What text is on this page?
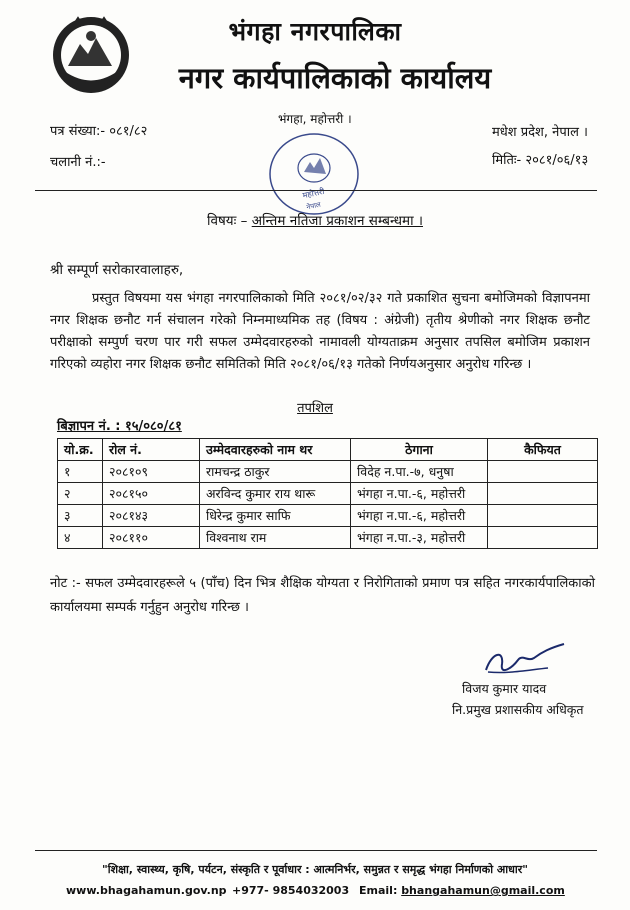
भंगहा नगरपालिका
नगर कार्यपालिकाको कार्यालय
भंगहा, महोत्तरी ।
पत्र संख्या:- ०८१/८२	मधेश प्रदेश, नेपाल ।
चलानी नं.:-	मितिः- २०८१/०६/१३
महोत्तरी
नेपाल
विषयः – अन्तिम नतिजा प्रकाशन सम्बन्धमा ।
श्री सम्पूर्ण सरोकारवालाहरु,
प्रस्तुत विषयमा यस भंगहा नगरपालिकाको मिति २०८१/०२/३२ गते प्रकाशित सुचना बमोजिमको विज्ञापनमा नगर शिक्षक छनौट गर्न संचालन गरेको निम्नमाध्यमिक तह (विषय : अंग्रेजी) तृतीय श्रेणीको नगर शिक्षक छनौट परीक्षाको सम्पुर्ण चरण पार गरी सफल उम्मेदवारहरुको नामावली योग्यताक्रम अनुसार तपसिल बमोजिम प्रकाशन गरिएको व्यहोरा नगर शिक्षक छनौट समितिको मिति २०८१/०६/१३ गतेको निर्णयअनुसार अनुरोध गरिन्छ ।
तपशिल
बिज्ञापन नं. : १५/०८०/८१
यो.क्र.	रोल नं.	उम्मेदवारहरुको नाम थर	ठेगाना	कैफियत
१	२०८१०९	रामचन्द्र ठाकुर	विदेह न.पा.-७, धनुषा	
२	२०८१५०	अरविन्द कुमार राय थारू	भंगहा न.पा.-६, महोत्तरी	
३	२०८१४३	धिरेन्द्र कुमार साफि	भंगहा न.पा.-६, महोत्तरी	
४	२०८११०	विश्वनाथ राम	भंगहा न.पा.-३, महोत्तरी	
नोट :- सफल उम्मेदवारहरूले ५ (पाँच) दिन भित्र शैक्षिक योग्यता र निरोगिताको प्रमाण पत्र सहित नगरकार्यपालिकाको कार्यालयमा सम्पर्क गर्नुहुन अनुरोध गरिन्छ ।
विजय कुमार यादव
नि.प्रमुख प्रशासकीय अधिकृत
"शिक्षा, स्वास्थ्य, कृषि, पर्यटन, संस्कृति र पूर्वाधार : आत्मनिर्भर, समुन्नत र समृद्ध भंगहा निर्माणको आधार"
www.bhagahamun.gov.np +977- 9854032003 Email: bhangahamun@gmail.com
